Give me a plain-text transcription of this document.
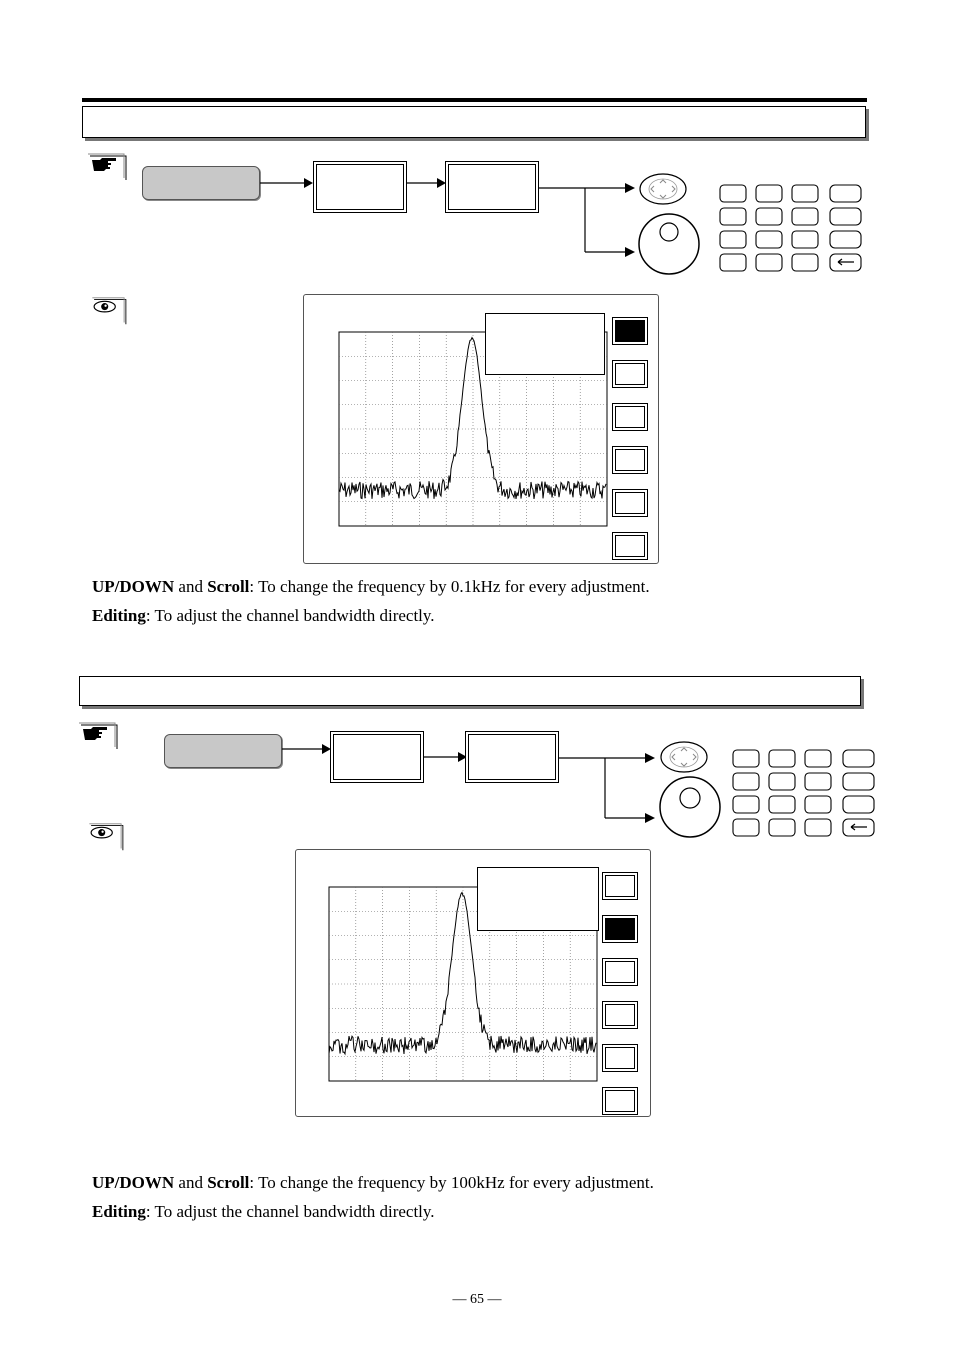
UP/DOWN and Scroll: To change the frequency by 0.1kHz for every adjustment.
Editing: To adjust the channel bandwidth directly.
UP/DOWN and Scroll: To change the frequency by 100kHz for every adjustment.
Editing: To adjust the channel bandwidth directly.
— 65 —
